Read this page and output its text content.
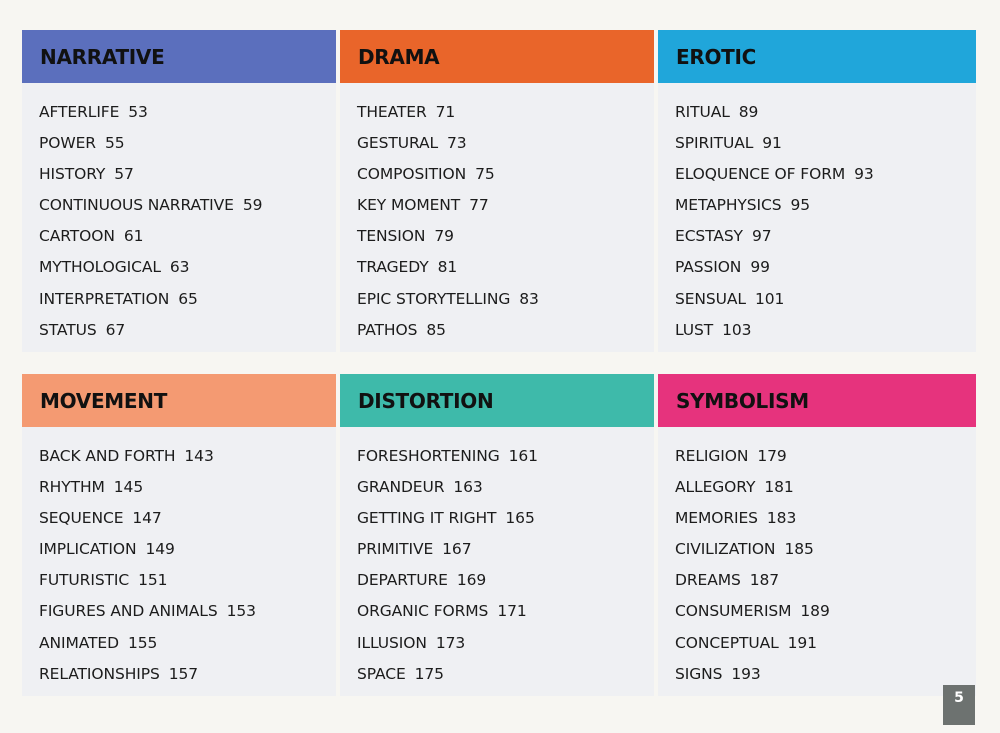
NARRATIVE
AFTERLIFE 53
POWER 55
HISTORY 57
CONTINUOUS NARRATIVE 59
CARTOON 61
MYTHOLOGICAL 63
INTERPRETATION 65
STATUS 67
DRAMA
THEATER 71
GESTURAL 73
COMPOSITION 75
KEY MOMENT 77
TENSION 79
TRAGEDY 81
EPIC STORYTELLING 83
PATHOS 85
EROTIC
RITUAL 89
SPIRITUAL 91
ELOQUENCE OF FORM 93
METAPHYSICS 95
ECSTASY 97
PASSION 99
SENSUAL 101
LUST 103
MOVEMENT
BACK AND FORTH 143
RHYTHM 145
SEQUENCE 147
IMPLICATION 149
FUTURISTIC 151
FIGURES AND ANIMALS 153
ANIMATED 155
RELATIONSHIPS 157
DISTORTION
FORESHORTENING 161
GRANDEUR 163
GETTING IT RIGHT 165
PRIMITIVE 167
DEPARTURE 169
ORGANIC FORMS 171
ILLUSION 173
SPACE 175
SYMBOLISM
RELIGION 179
ALLEGORY 181
MEMORIES 183
CIVILIZATION 185
DREAMS 187
CONSUMERISM 189
CONCEPTUAL 191
SIGNS 193
5
